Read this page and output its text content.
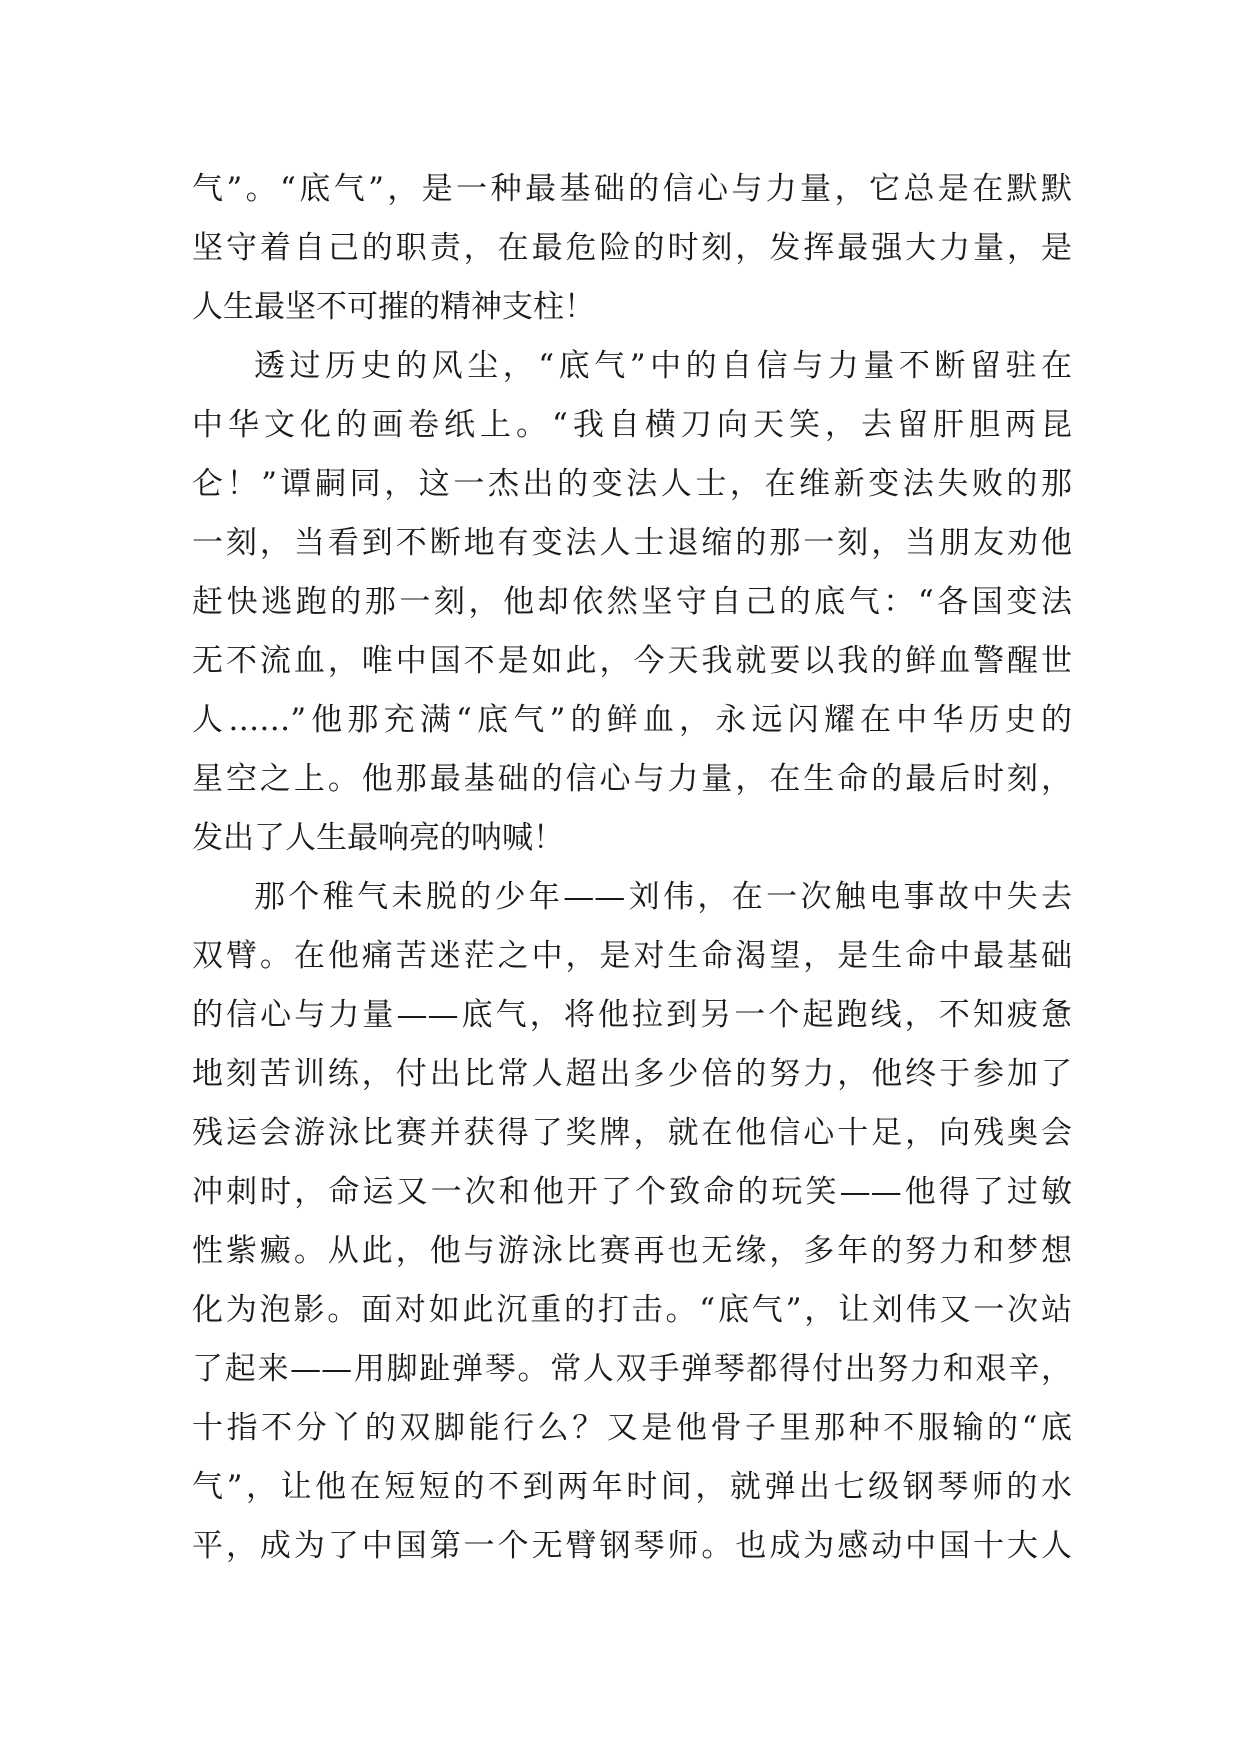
气”。“底气”，是一种最基础的信心与力量，它总是在默默
坚守着自己的职责，在最危险的时刻，发挥最强大力量，是
人生最坚不可摧的精神支柱！
透过历史的风尘，“底气”中的自信与力量不断留驻在
中华文化的画卷纸上。“我自横刀向天笑，去留肝胆两昆
仑！”谭嗣同，这一杰出的变法人士，在维新变法失败的那
一刻，当看到不断地有变法人士退缩的那一刻，当朋友劝他
赶快逃跑的那一刻，他却依然坚守自己的底气：“各国变法
无不流血，唯中国不是如此，今天我就要以我的鲜血警醒世
人……”他那充满“底气”的鲜血，永远闪耀在中华历史的
星空之上。他那最基础的信心与力量，在生命的最后时刻，
发出了人生最响亮的呐喊！
那个稚气未脱的少年——刘伟，在一次触电事故中失去
双臂。在他痛苦迷茫之中，是对生命渴望，是生命中最基础
的信心与力量——底气，将他拉到另一个起跑线，不知疲惫
地刻苦训练，付出比常人超出多少倍的努力，他终于参加了
残运会游泳比赛并获得了奖牌，就在他信心十足，向残奥会
冲刺时，命运又一次和他开了个致命的玩笑——他得了过敏
性紫癜。从此，他与游泳比赛再也无缘，多年的努力和梦想
化为泡影。面对如此沉重的打击。“底气”，让刘伟又一次站
了起来——用脚趾弹琴。常人双手弹琴都得付出努力和艰辛，
十指不分丫的双脚能行么？又是他骨子里那种不服输的“底
气”，让他在短短的不到两年时间，就弹出七级钢琴师的水
平，成为了中国第一个无臂钢琴师。也成为感动中国十大人
